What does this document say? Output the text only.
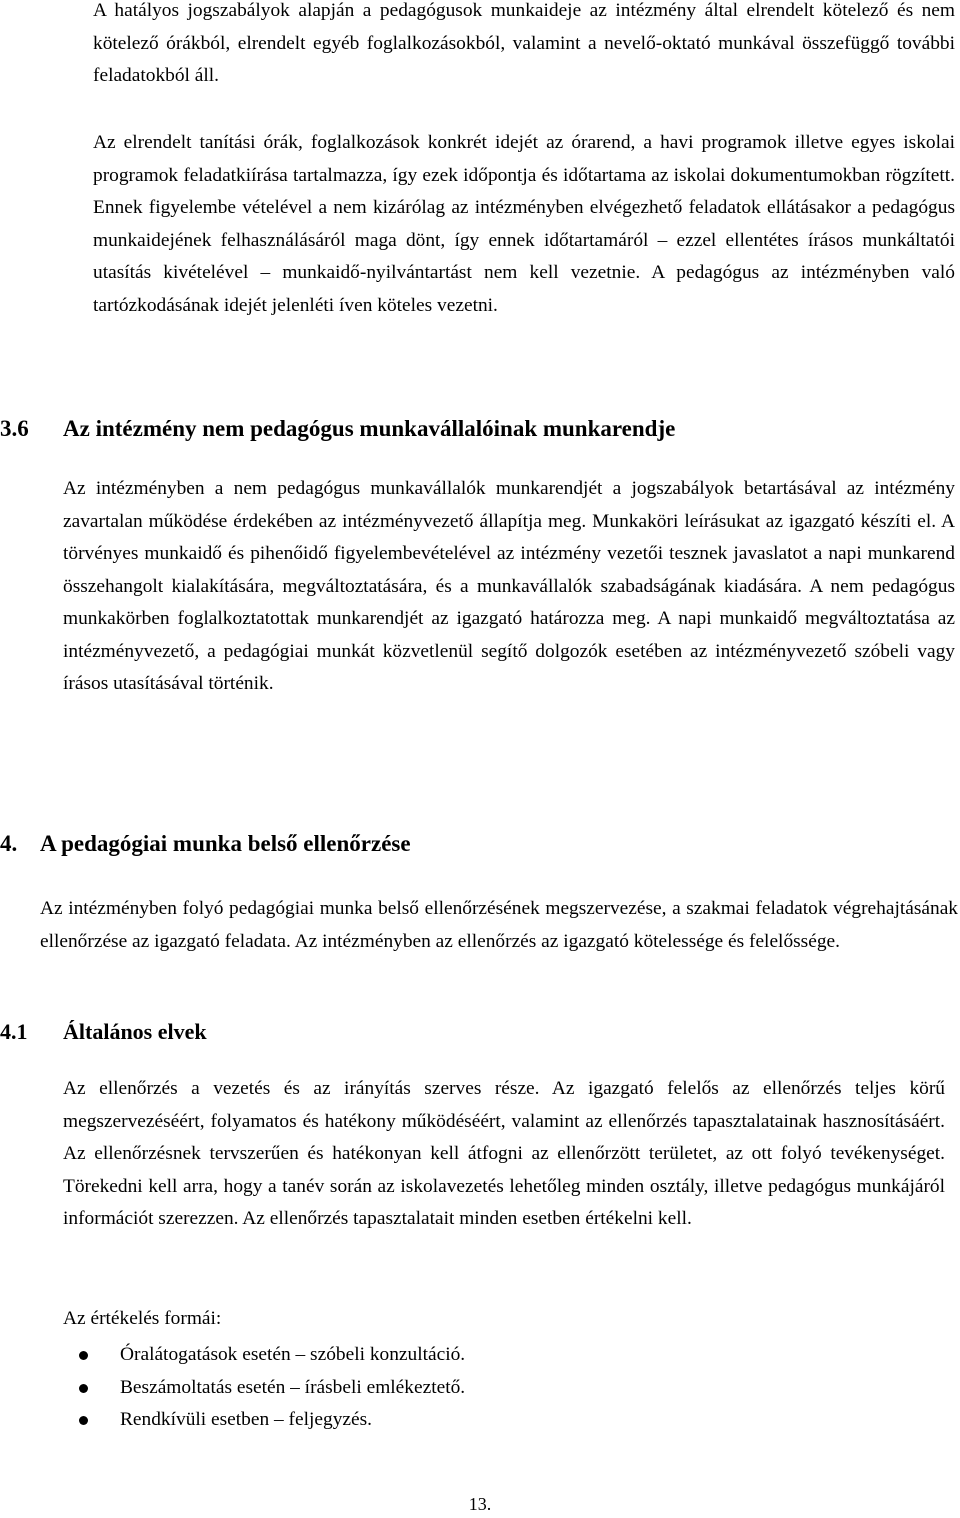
A hatályos jogszabályok alapján a pedagógusok munkaideje az intézmény által elrendelt kötelező és nem kötelező órákból, elrendelt egyéb foglalkozásokból, valamint a nevelő-oktató munkával összefüggő további feladatokból áll.

Az elrendelt tanítási órák, foglalkozások konkrét idejét az órarend, a havi programok illetve egyes iskolai programok feladatkiírása tartalmazza, így ezek időpontja és időtartama az iskolai dokumentumokban rögzített. Ennek figyelembe vételével a nem kizárólag az intézményben elvégezhető feladatok ellátásakor a pedagógus munkaidejének felhasználásáról maga dönt, így ennek időtartamáról – ezzel ellentétes írásos munkáltatói utasítás kivételével – munkaidő-nyilvántartást nem kell vezetnie. A pedagógus az intézményben való tartózkodásának idejét jelenléti íven köteles vezetni.

3.6	Az intézmény nem pedagógus munkavállalóinak munkarendje

Az intézményben a nem pedagógus munkavállalók munkarendjét a jogszabályok betartásával az intézmény zavartalan működése érdekében az intézményvezető állapítja meg. Munkaköri leírásukat az igazgató készíti el. A törvényes munkaidő és pihenőidő figyelembevételével az intézmény vezetői tesznek javaslatot a napi munkarend összehangolt kialakítására, megváltoztatására, és a munkavállalók szabadságának kiadására. A nem pedagógus munkakörben foglalkoztatottak munkarendjét az igazgató határozza meg. A napi munkaidő megváltoztatása az intézményvezető, a pedagógiai munkát közvetlenül segítő dolgozók esetében az intézményvezető szóbeli vagy írásos utasításával történik.

4. A pedagógiai munka belső ellenőrzése

Az intézményben folyó pedagógiai munka belső ellenőrzésének megszervezése, a szakmai feladatok végrehajtásának ellenőrzése az igazgató feladata. Az intézményben az ellenőrzés az igazgató kötelessége és felelőssége.

4.1	Általános elvek

Az ellenőrzés a vezetés és az irányítás szerves része. Az igazgató felelős az ellenőrzés teljes körű megszervezéséért, folyamatos és hatékony működéséért, valamint az ellenőrzés tapasztalatainak hasznosításáért. Az ellenőrzésnek tervszerűen és hatékonyan kell átfogni az ellenőrzött területet, az ott folyó tevékenységet. Törekedni kell arra, hogy a tanév során az iskolavezetés lehetőleg minden osztály, illetve pedagógus munkájáról információt szerezzen. Az ellenőrzés tapasztalatait minden esetben értékelni kell.

Az értékelés formái:

Óralátogatások esetén – szóbeli konzultáció.
Beszámoltatás esetén – írásbeli emlékeztető.
Rendkívüli esetben – feljegyzés.
13.
